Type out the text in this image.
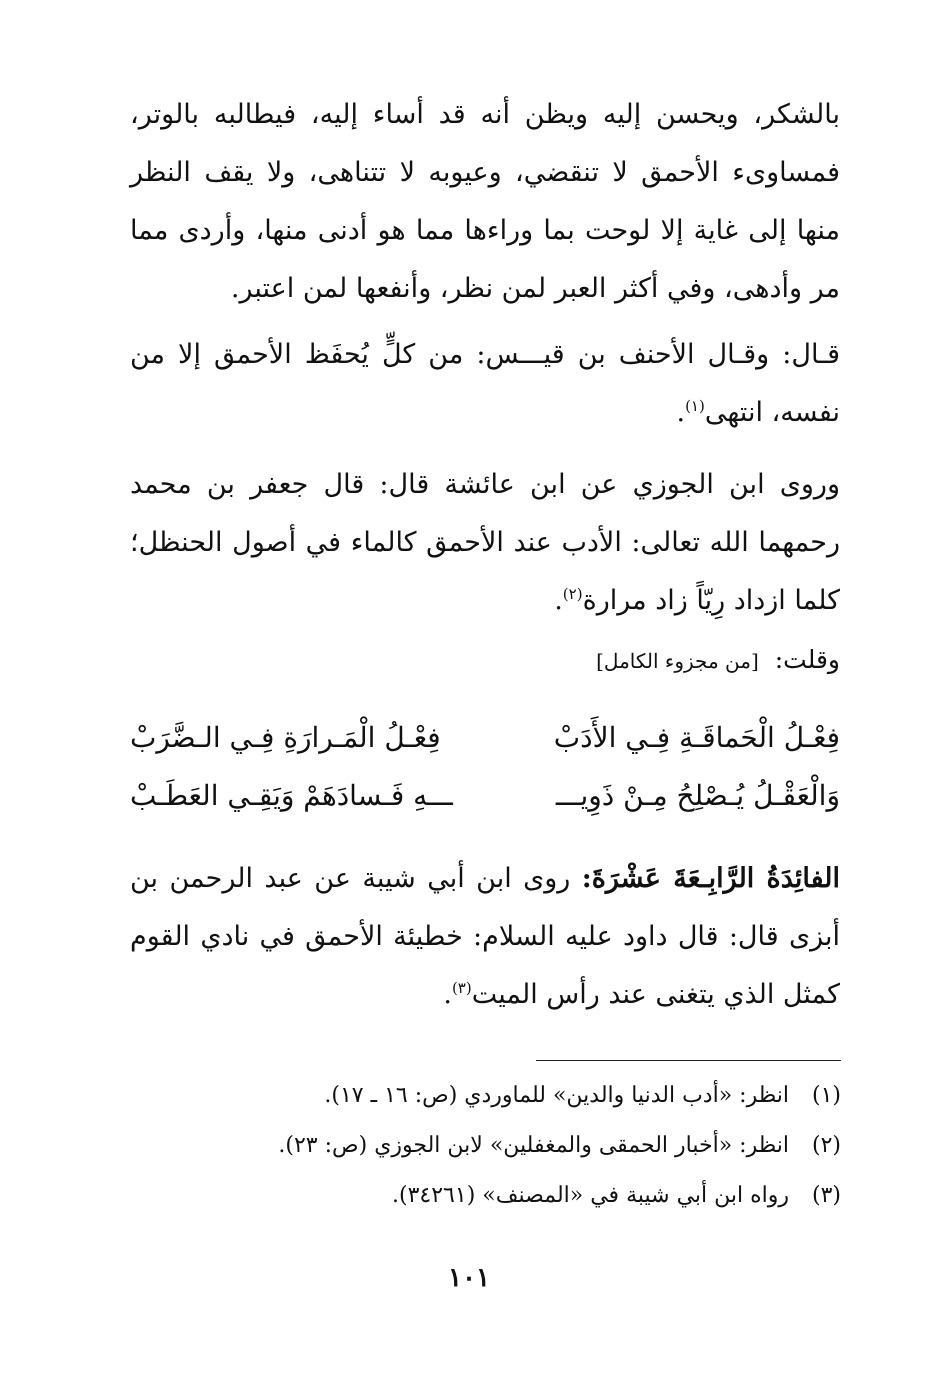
بالشكر، ويحسن إليه ويظن أنه قد أساء إليه، فيطالبه بالوتر، فمساوىء الأحمق لا تنقضي، وعيوبه لا تتناهى، ولا يقف النظر منها إلى غاية إلا لوحت بما وراءها مما هو أدنى منها، وأردى مما مر وأدهى، وفي أكثر العبر لمن نظر، وأنفعها لمن اعتبر.

قـال: وقـال الأحنف بن قيـــس: من كلٍّ يُحفَظ الأحمق إلا من نفسه، انتهى$^{(١)}$.

وروى ابن الجوزي عن ابن عائشة قال: قال جعفر بن محمد رحمهما الله تعالى: الأدب عند الأحمق كالماء في أصول الحنظل؛ كلما ازداد رِيّاً زاد مرارة$^{(٢)}$.

وقلت: [من مجزوء الكامل]
فِعْـلُ الْحَماقَـةِ فِـي الأَدَبْ
فِعْـلُ الْمَـرارَةِ فِـي الـضَّرَبْ
وَالْعَقْـلُ يُـصْلِحُ مِـنْ ذَوِيـــ
ـــهِ فَـسادَهَمْ وَيَقِـي العَطَـبْ

الفائِدَةُ الرَّابِـعَةَ عَشْرَةَ: روى ابن أبي شيبة عن عبد الرحمن بن أبزى قال: قال داود عليه السلام: خطيئة الأحمق في نادي القوم كمثل الذي يتغنى عند رأس الميت$^{(٣)}$.

(١)انظر: «أدب الدنيا والدين» للماوردي (ص: ١٦ ـ ١٧).
(٢)انظر: «أخبار الحمقى والمغفلين» لابن الجوزي (ص: ٢٣).
(٣)رواه ابن أبي شيبة في «المصنف» (٣٤٢٦١).
١٠١
